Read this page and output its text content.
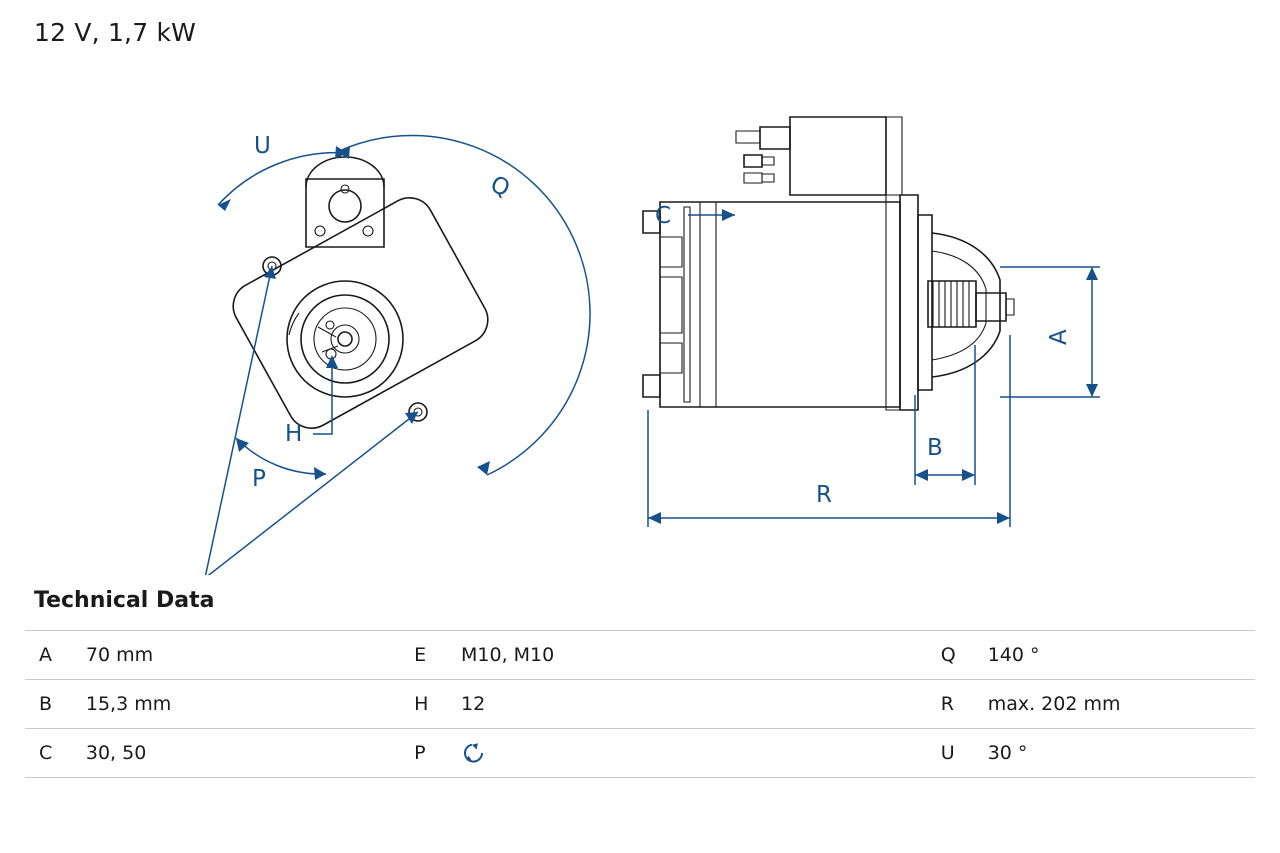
12 V, 1,7 kW
Q
U
P
H
C
A
B
R
Technical Data
A	70 mm	E	M10, M10	Q	140 °
B	15,3 mm	H	12	R	max. 202 mm
C	30, 50	P		U	30 °
